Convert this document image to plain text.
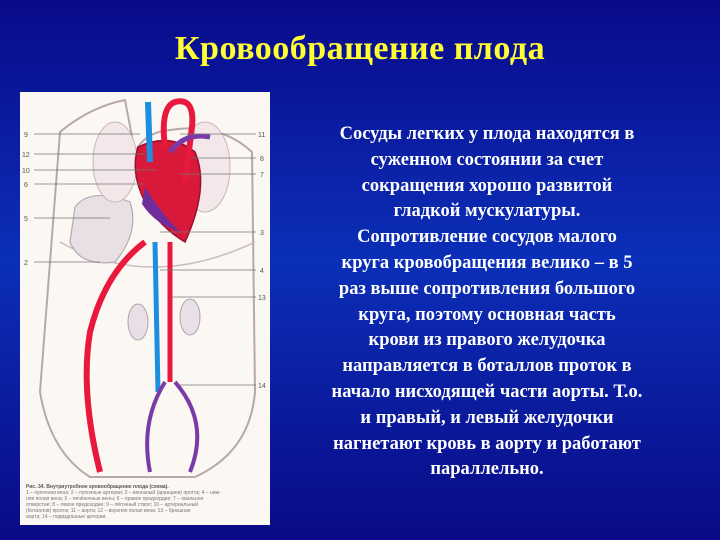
Кровообращение плода
9
12
10
6
5
2
11
8
7
3
4
13
14
Рис. 34. Внутриутробное кровообращение плода (схема).
1 – пупочная вена; 2 – пупочные артерии; 3 – венозный (аранциев) проток; 4 – ниж-
няя полая вена; 5 – печёночные вены; 6 – правое предсердие; 7 – овальное
отверстие; 8 – левое предсердие; 9 – лёгочный ствол; 10 – артериальный
(боталлов) проток; 11 – аорта; 12 – верхняя полая вена; 13 – брюшная
аорта; 14 – подвздошные артерии.
Сосуды легких у плода находятся в
суженном состоянии за счет
сокращения хорошо развитой
гладкой мускулатуры.
Сопротивление сосудов малого
круга кровобращения велико – в 5
раз выше сопротивления большого
круга, поэтому основная часть
крови из правого желудочка
направляется в боталлов проток в
начало нисходящей части аорты. Т.о.
и правый, и левый желудочки
нагнетают кровь в аорту и работают
параллельно.
